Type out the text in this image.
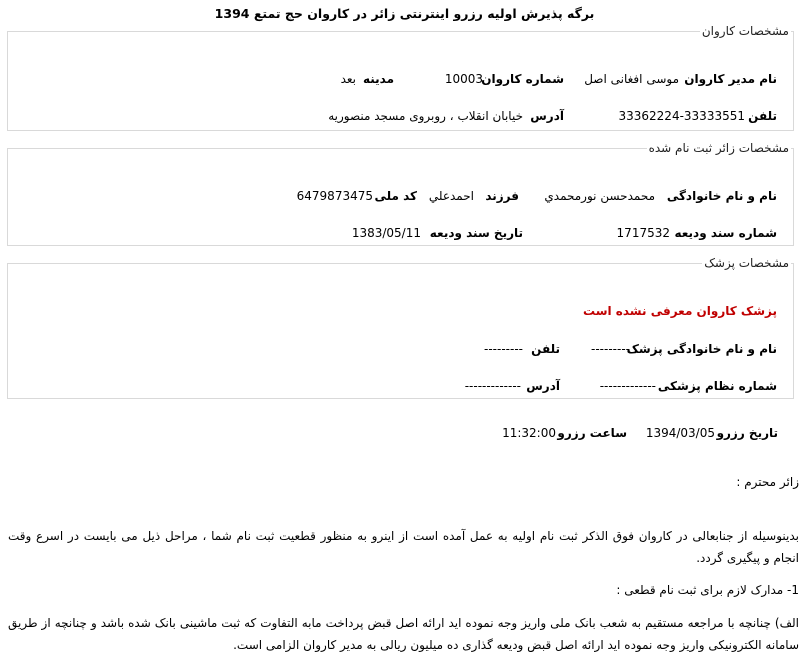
برگه پذیرش اولیه رزرو اینترنتی زائر در کاروان حج تمتع 1394
مشخصات کاروان
نام مدیر کاروان
موسی افغانی اصل
شماره کاروان
10003
مدینه
بعد
تلفن
33362224-33333551
آدرس
خیابان انقلاب ، روبروی مسجد منصوریه
مشخصات زائر ثبت نام شده
نام و نام خانوادگی
محمدحسن نورمحمدي
فرزند
احمدعلي
کد ملی
6479873475
شماره سند ودیعه
1717532
تاریخ سند ودیعه
1383/05/11
مشخصات پزشک
پزشک کاروان معرفی نشده است
نام و نام خانوادگی پزشک
---------
تلفن
---------
شماره نظام پزشکی
-------------
آدرس
-------------
تاریخ رزرو
1394/03/05
ساعت رزرو
11:32:00
زائر محترم :
بدینوسیله از جنابعالی در کاروان فوق الذکر ثبت نام اولیه به عمل آمده است از اینرو به منظور قطعیت ثبت نام شما ، مراحل ذیل می بایست در اسرع وقت انجام و پیگیری گردد.
1- مدارک لازم برای ثبت نام قطعی :
الف) چنانچه با مراجعه مستقیم به شعب بانک ملی واریز وجه نموده اید ارائه اصل قبض پرداخت مابه التفاوت که ثبت ماشینی بانک شده باشد و چنانچه از طریق سامانه الکترونیکی واریز وجه نموده اید ارائه اصل قبض ودیعه گذاری ده میلیون ریالی به مدیر کاروان الزامی است.
